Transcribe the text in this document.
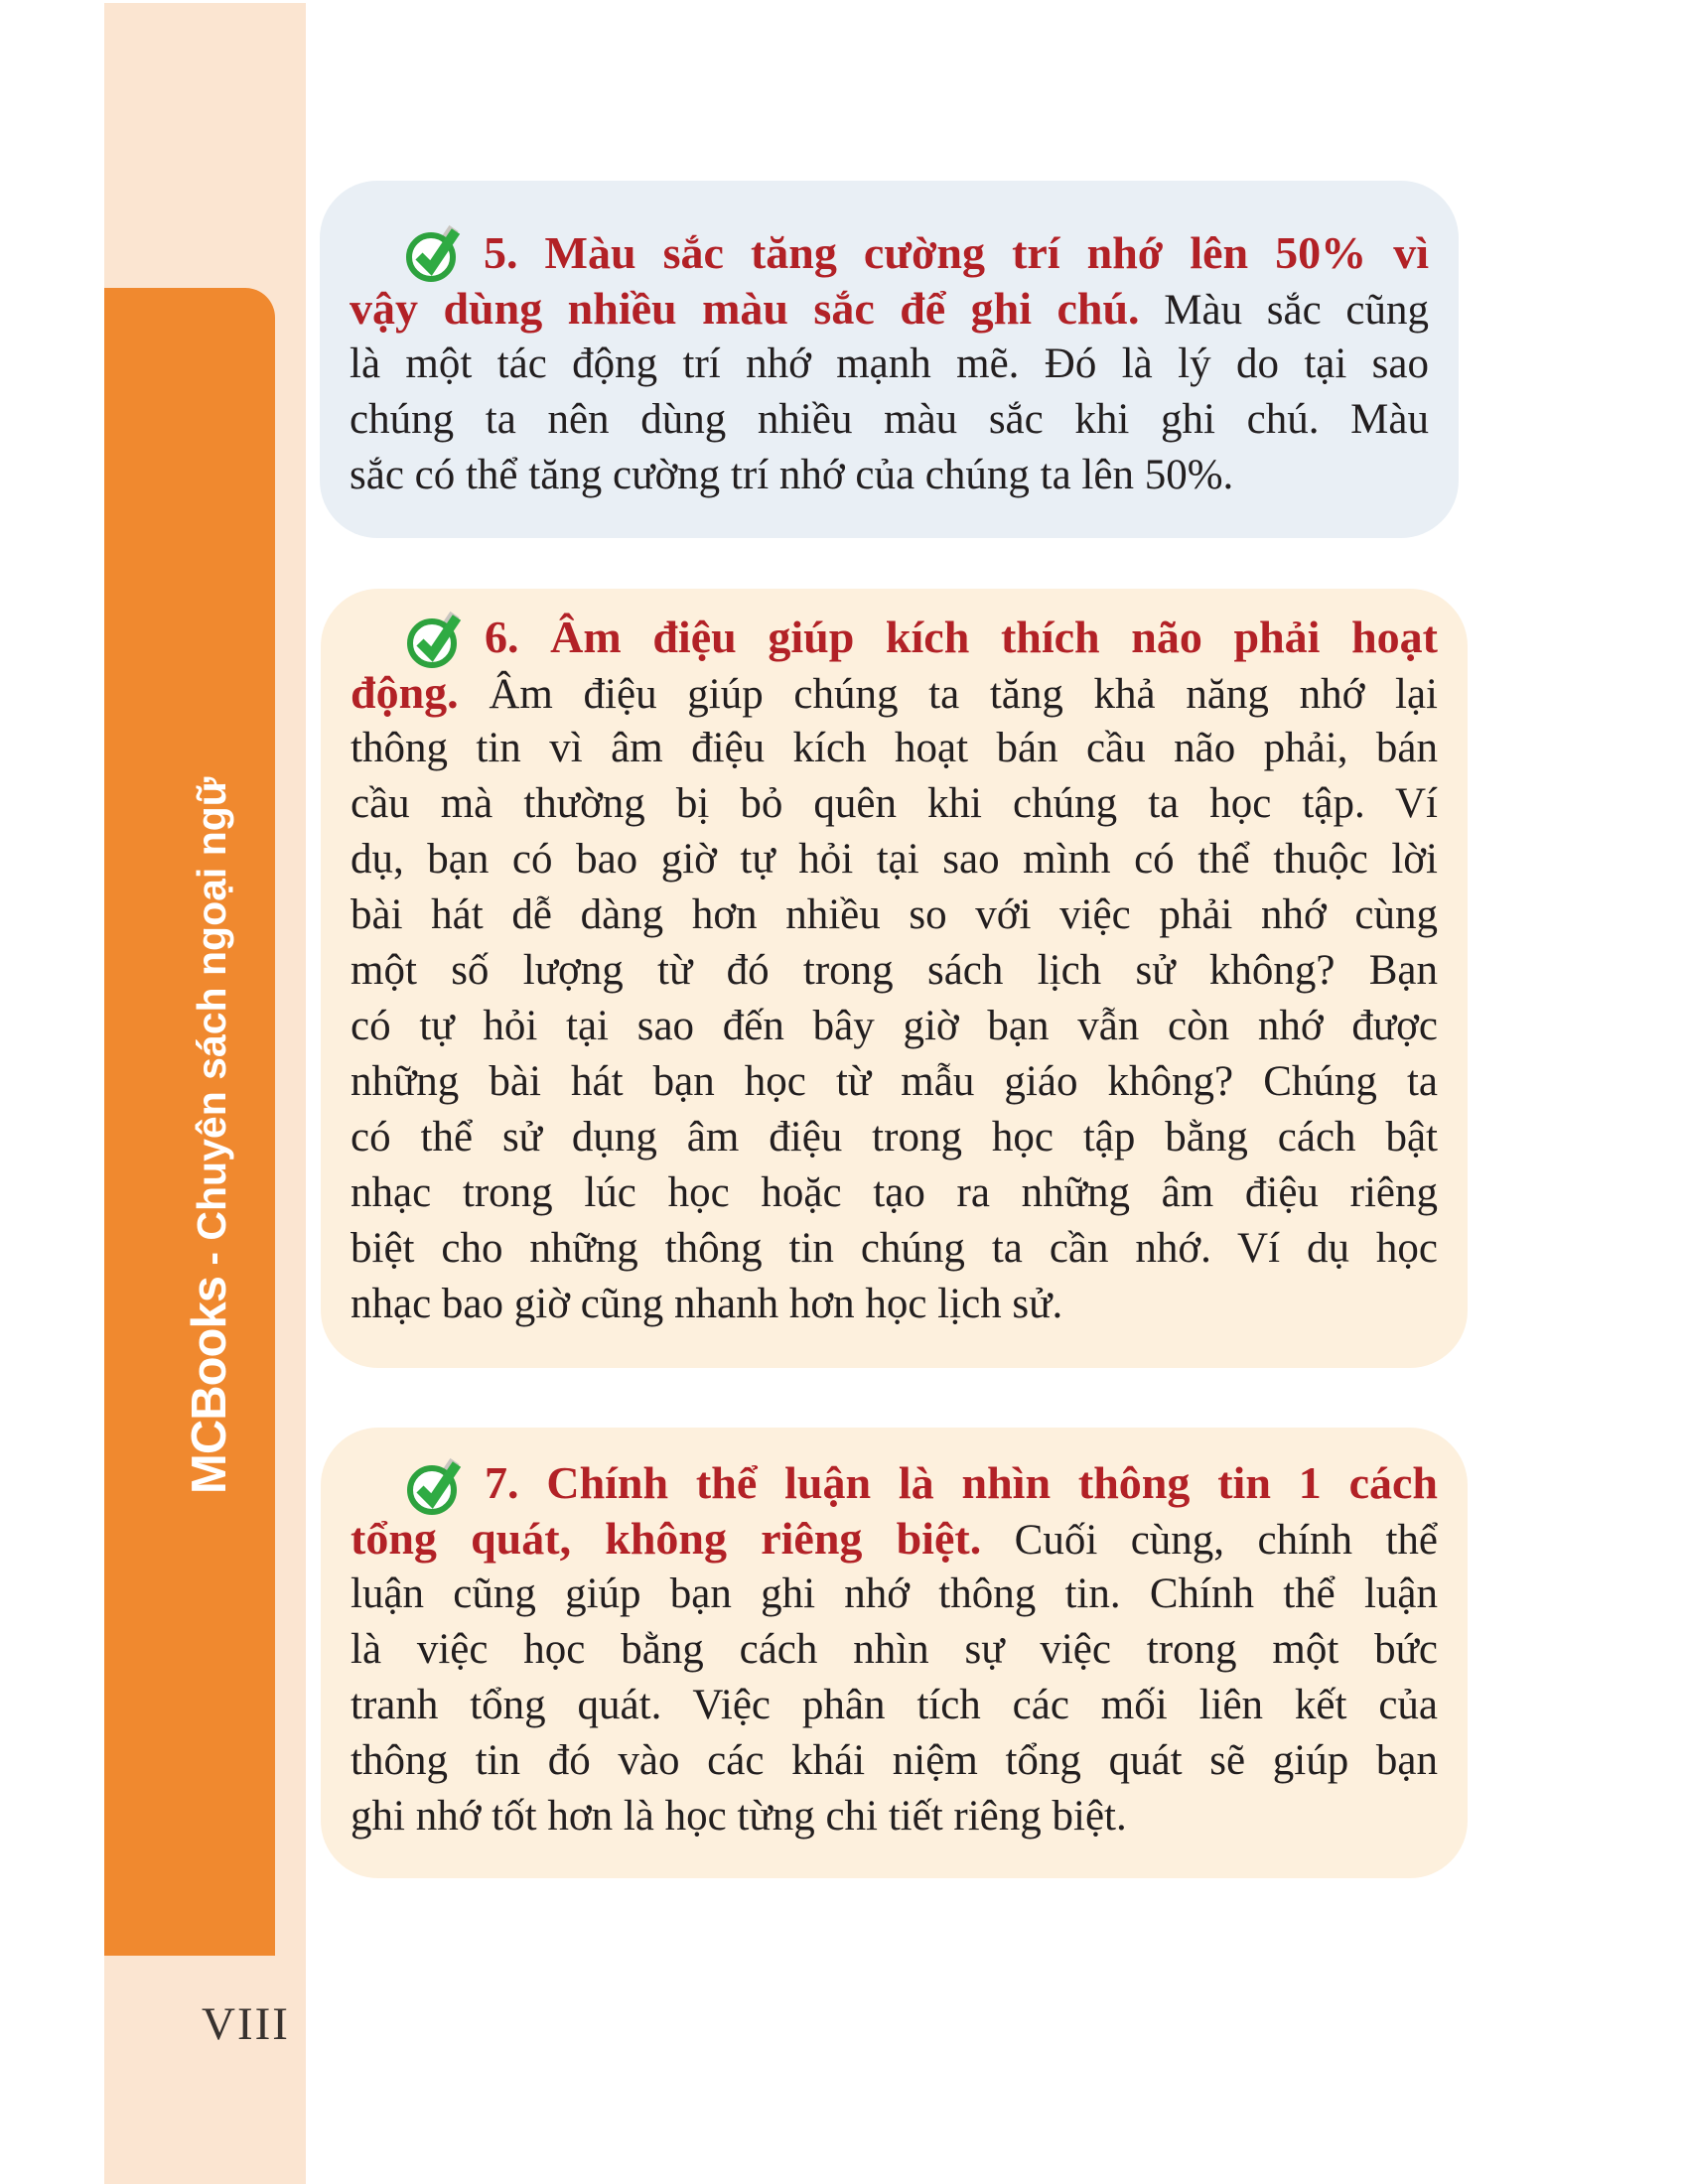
MCBooks - Chuyên sách ngoại ngữ
VIII
5. Màu sắc tăng cường trí nhớ lên 50% vì
vậy dùng nhiều màu sắc để ghi chú. Màu sắc cũng
là một tác động trí nhớ mạnh mẽ. Đó là lý do tại sao
chúng ta nên dùng nhiều màu sắc khi ghi chú. Màu
sắc có thể tăng cường trí nhớ của chúng ta lên 50%.
6. Âm điệu giúp kích thích não phải hoạt
động. Âm điệu giúp chúng ta tăng khả năng nhớ lại
thông tin vì âm điệu kích hoạt bán cầu não phải, bán
cầu mà thường bị bỏ quên khi chúng ta học tập. Ví
dụ, bạn có bao giờ tự hỏi tại sao mình có thể thuộc lời
bài hát dễ dàng hơn nhiều so với việc phải nhớ cùng
một số lượng từ đó trong sách lịch sử không? Bạn
có tự hỏi tại sao đến bây giờ bạn vẫn còn nhớ được
những bài hát bạn học từ mẫu giáo không? Chúng ta
có thể sử dụng âm điệu trong học tập bằng cách bật
nhạc trong lúc học hoặc tạo ra những âm điệu riêng
biệt cho những thông tin chúng ta cần nhớ. Ví dụ học
nhạc bao giờ cũng nhanh hơn học lịch sử.
7. Chính thể luận là nhìn thông tin 1 cách
tổng quát, không riêng biệt. Cuối cùng, chính thể
luận cũng giúp bạn ghi nhớ thông tin. Chính thể luận
là việc học bằng cách nhìn sự việc trong một bức
tranh tổng quát. Việc phân tích các mối liên kết của
thông tin đó vào các khái niệm tổng quát sẽ giúp bạn
ghi nhớ tốt hơn là học từng chi tiết riêng biệt.
